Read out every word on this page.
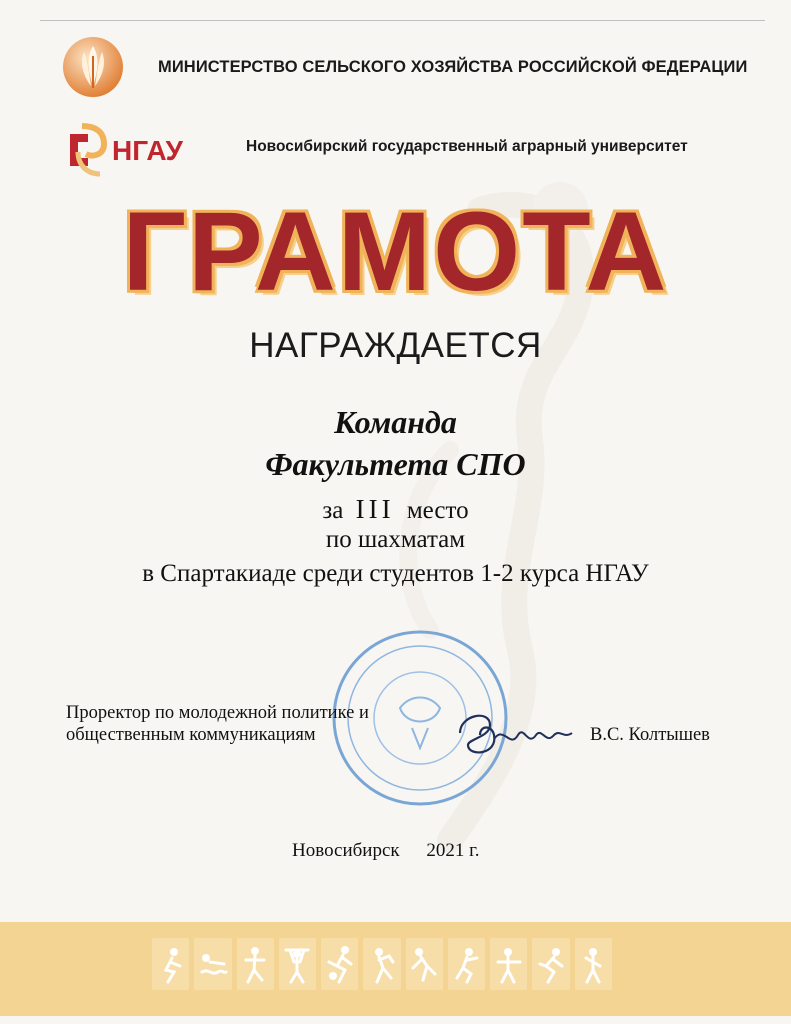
МИНИСТЕРСТВО СЕЛЬСКОГО ХОЗЯЙСТВА РОССИЙСКОЙ ФЕДЕРАЦИИ
НГАУ	Новосибирский государственный аграрный университет
ГРАМОТА
НАГРАЖДАЕТСЯ
Команда
Факультета СПО
за III место
по шахматам
в Спартакиаде среди студентов 1-2 курса НГАУ
Проректор по молодежной политике и
общественным коммуникациям	В.С. Колтышев
Новосибирск 2021 г.
